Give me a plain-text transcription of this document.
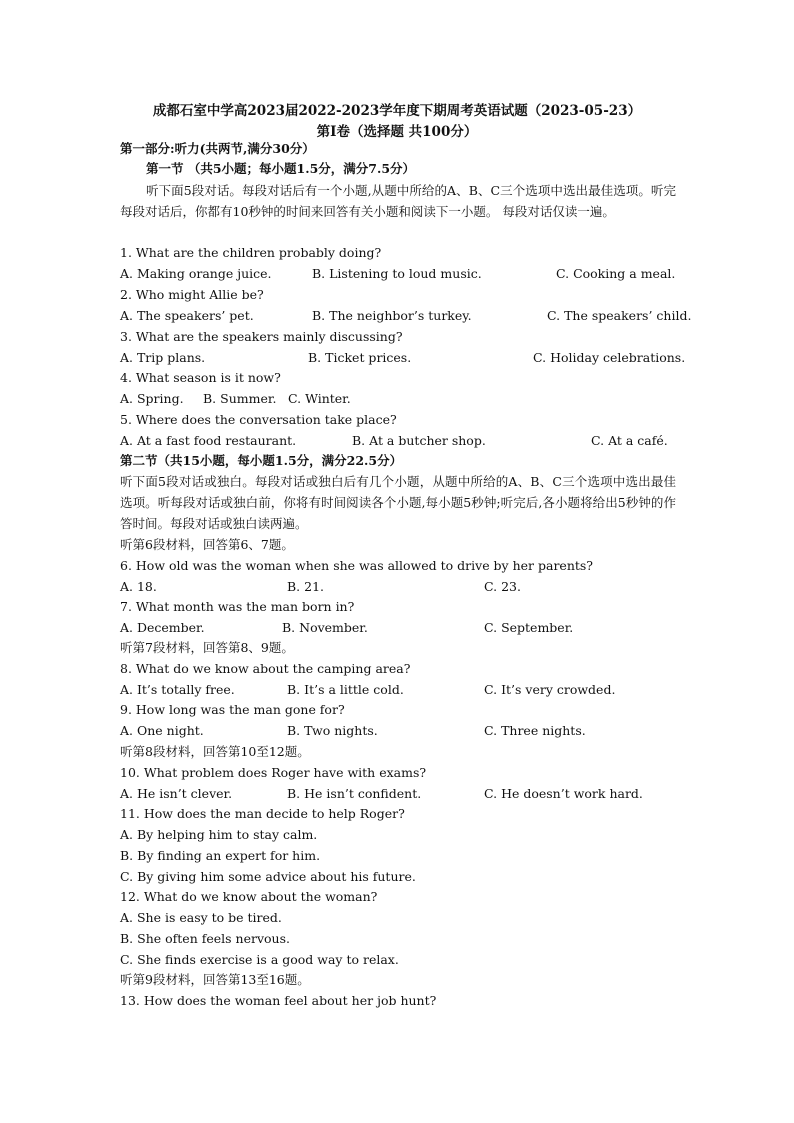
成都石室中学高2023届2022-2023学年度下期周考英语试题（2023-05-23）
第Ⅰ卷（选择题 共100分）
第一部分:听力(共两节,满分30分）
第一节 （共5小题；每小题1.5分，满分7.5分）
听下面5段对话。每段对话后有一个小题,从题中所给的A、B、C三个选项中选出最佳选项。听完每段对话后，你都有10秒钟的时间来回答有关小题和阅读下一小题。 每段对话仅读一遍。
1. What are the children probably doing?
A. Making orange juice.	B. Listening to loud music.	C. Cooking a meal.
2. Who might Allie be?
A. The speakers’ pet.	B. The neighbor’s turkey.	C. The speakers’ child.
3. What are the speakers mainly discussing?
A. Trip plans.	B. Ticket prices.	C. Holiday celebrations.
4. What season is it now?
A. Spring. B. Summer. C. Winter.
5. Where does the conversation take place?
A. At a fast food restaurant.	B. At a butcher shop.	C. At a café.
第二节（共15小题，每小题1.5分，满分22.5分）
听下面5段对话或独白。每段对话或独白后有几个小题，从题中所给的A、B、C三个选项中选出最佳选项。听每段对话或独白前，你将有时间阅读各个小题,每小题5秒钟;听完后,各小题将给出5秒钟的作答时间。每段对话或独白读两遍。
听第6段材料，回答第6、7题。
6. How old was the woman when she was allowed to drive by her parents?
A. 18.	B. 21.	C. 23.
7. What month was the man born in?
A. December.	B. November.	C. September.
听第7段材料，回答第8、9题。
8. What do we know about the camping area?
A. It’s totally free.	B. It’s a little cold.	C. It’s very crowded.
9. How long was the man gone for?
A. One night.	B. Two nights.	C. Three nights.
听第8段材料，回答第10至12题。
10. What problem does Roger have with exams?
A. He isn’t clever.	B. He isn’t confident.	C. He doesn’t work hard.
11. How does the man decide to help Roger?
A. By helping him to stay calm.
B. By finding an expert for him.
C. By giving him some advice about his future.
12. What do we know about the woman?
A. She is easy to be tired.
B. She often feels nervous.
C. She finds exercise is a good way to relax.
听第9段材料，回答第13至16题。
13. How does the woman feel about her job hunt?
